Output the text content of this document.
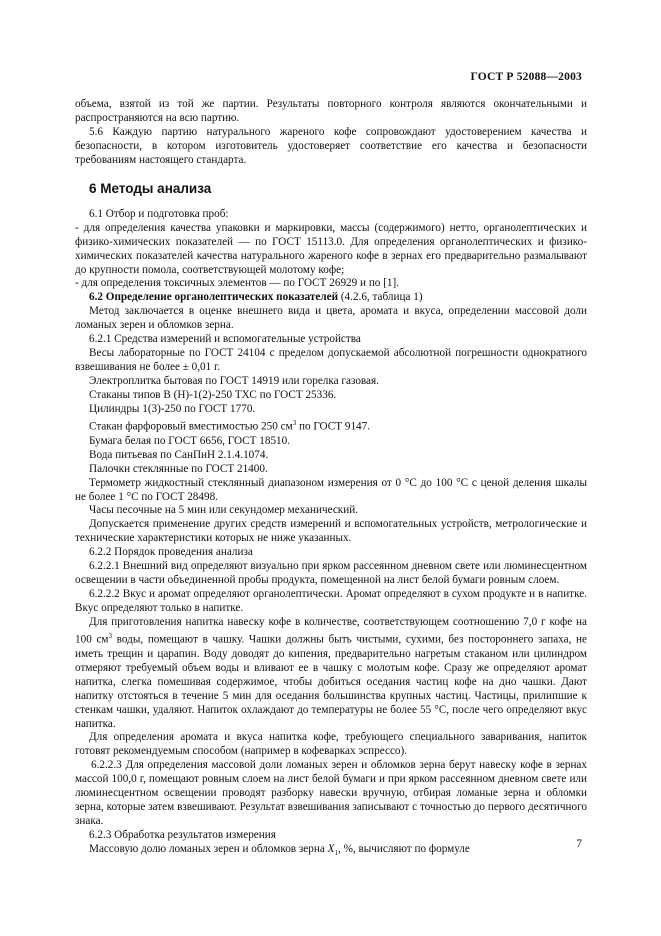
ГОСТ Р 52088—2003

объема, взятой из той же партии. Результаты повторного контроля являются окончательными и распространяются на всю партию.

5.6 Каждую партию натурального жареного кофе сопровождают удостоверением качества и безопасности, в котором изготовитель удостоверяет соответствие его качества и безопасности требованиям настоящего стандарта.

6 Методы анализа

6.1 Отбор и подготовка проб:

- для определения качества упаковки и маркировки, массы (содержимого) нетто, органолептических и физико-химических показателей — по ГОСТ 15113.0. Для определения органолептических и физико-химических показателей качества натурального жареного кофе в зернах его предварительно размалывают до крупности помола, соответствующей молотому кофе;

- для определения токсичных элементов — по ГОСТ 26929 и по [1].

6.2 Определение органолептических показателей (4.2.6, таблица 1)

Метод заключается в оценке внешнего вида и цвета, аромата и вкуса, определении массовой доли ломаных зерен и обломков зерна.

6.2.1 Средства измерений и вспомогательные устройства

Весы лабораторные по ГОСТ 24104 с пределом допускаемой абсолютной погрешности однократного взвешивания не более ± 0,01 г.

Электроплитка бытовая по ГОСТ 14919 или горелка газовая.

Стаканы типов В (Н)-1(2)-250 ТХС по ГОСТ 25336.

Цилиндры 1(3)-250 по ГОСТ 1770.

Стакан фарфоровый вместимостью 250 $см^3$ по ГОСТ 9147.

Бумага белая по ГОСТ 6656, ГОСТ 18510.

Вода питьевая по СанПиН 2.1.4.1074.

Палочки стеклянные по ГОСТ 21400.

Термометр жидкостный стеклянный диапазоном измерения от 0 °С до 100 °С с ценой деления шкалы не более 1 °С по ГОСТ 28498.

Часы песочные на 5 мин или секундомер механический.

Допускается применение других средств измерений и вспомогательных устройств, метрологические и технические характеристики которых не ниже указанных.

6.2.2 Порядок проведения анализа

6.2.2.1 Внешний вид определяют визуально при ярком рассеянном дневном свете или люминесцентном освещении в части объединенной пробы продукта, помещенной на лист белой бумаги ровным слоем.

6.2.2.2 Вкус и аромат определяют органолептически. Аромат определяют в сухом продукте и в напитке. Вкус определяют только в напитке.

Для приготовления напитка навеску кофе в количестве, соответствующем соотношению 7,0 г кофе на 100 $см^3$ воды, помещают в чашку. Чашки должны быть чистыми, сухими, без постороннего запаха, не иметь трещин и царапин. Воду доводят до кипения, предварительно нагретым стаканом или цилиндром отмеряют требуемый объем воды и вливают ее в чашку с молотым кофе. Сразу же определяют аромат напитка, слегка помешивая содержимое, чтобы добиться оседания частиц кофе на дно чашки. Дают напитку отстояться в течение 5 мин для оседания большинства крупных частиц. Частицы, прилипшие к стенкам чашки, удаляют. Напиток охлаждают до температуры не более 55 °С, после чего определяют вкус напитка.

Для определения аромата и вкуса напитка кофе, требующего специального заваривания, напиток готовят рекомендуемым способом (например в кофеварках эспрессо).

6.2.2.3 Для определения массовой доли ломаных зерен и обломков зерна берут навеску кофе в зернах массой 100,0 г, помещают ровным слоем на лист белой бумаги и при ярком рассеянном дневном свете или люминесцентном освещении проводят разборку навески вручную, отбирая ломаные зерна и обломки зерна, которые затем взвешивают. Результат взвешивания записывают с точностью до первого десятичного знака.

6.2.3 Обработка результатов измерения

Массовую долю ломаных зерен и обломков зерна $X_1$, %, вычисляют по формуле	7
